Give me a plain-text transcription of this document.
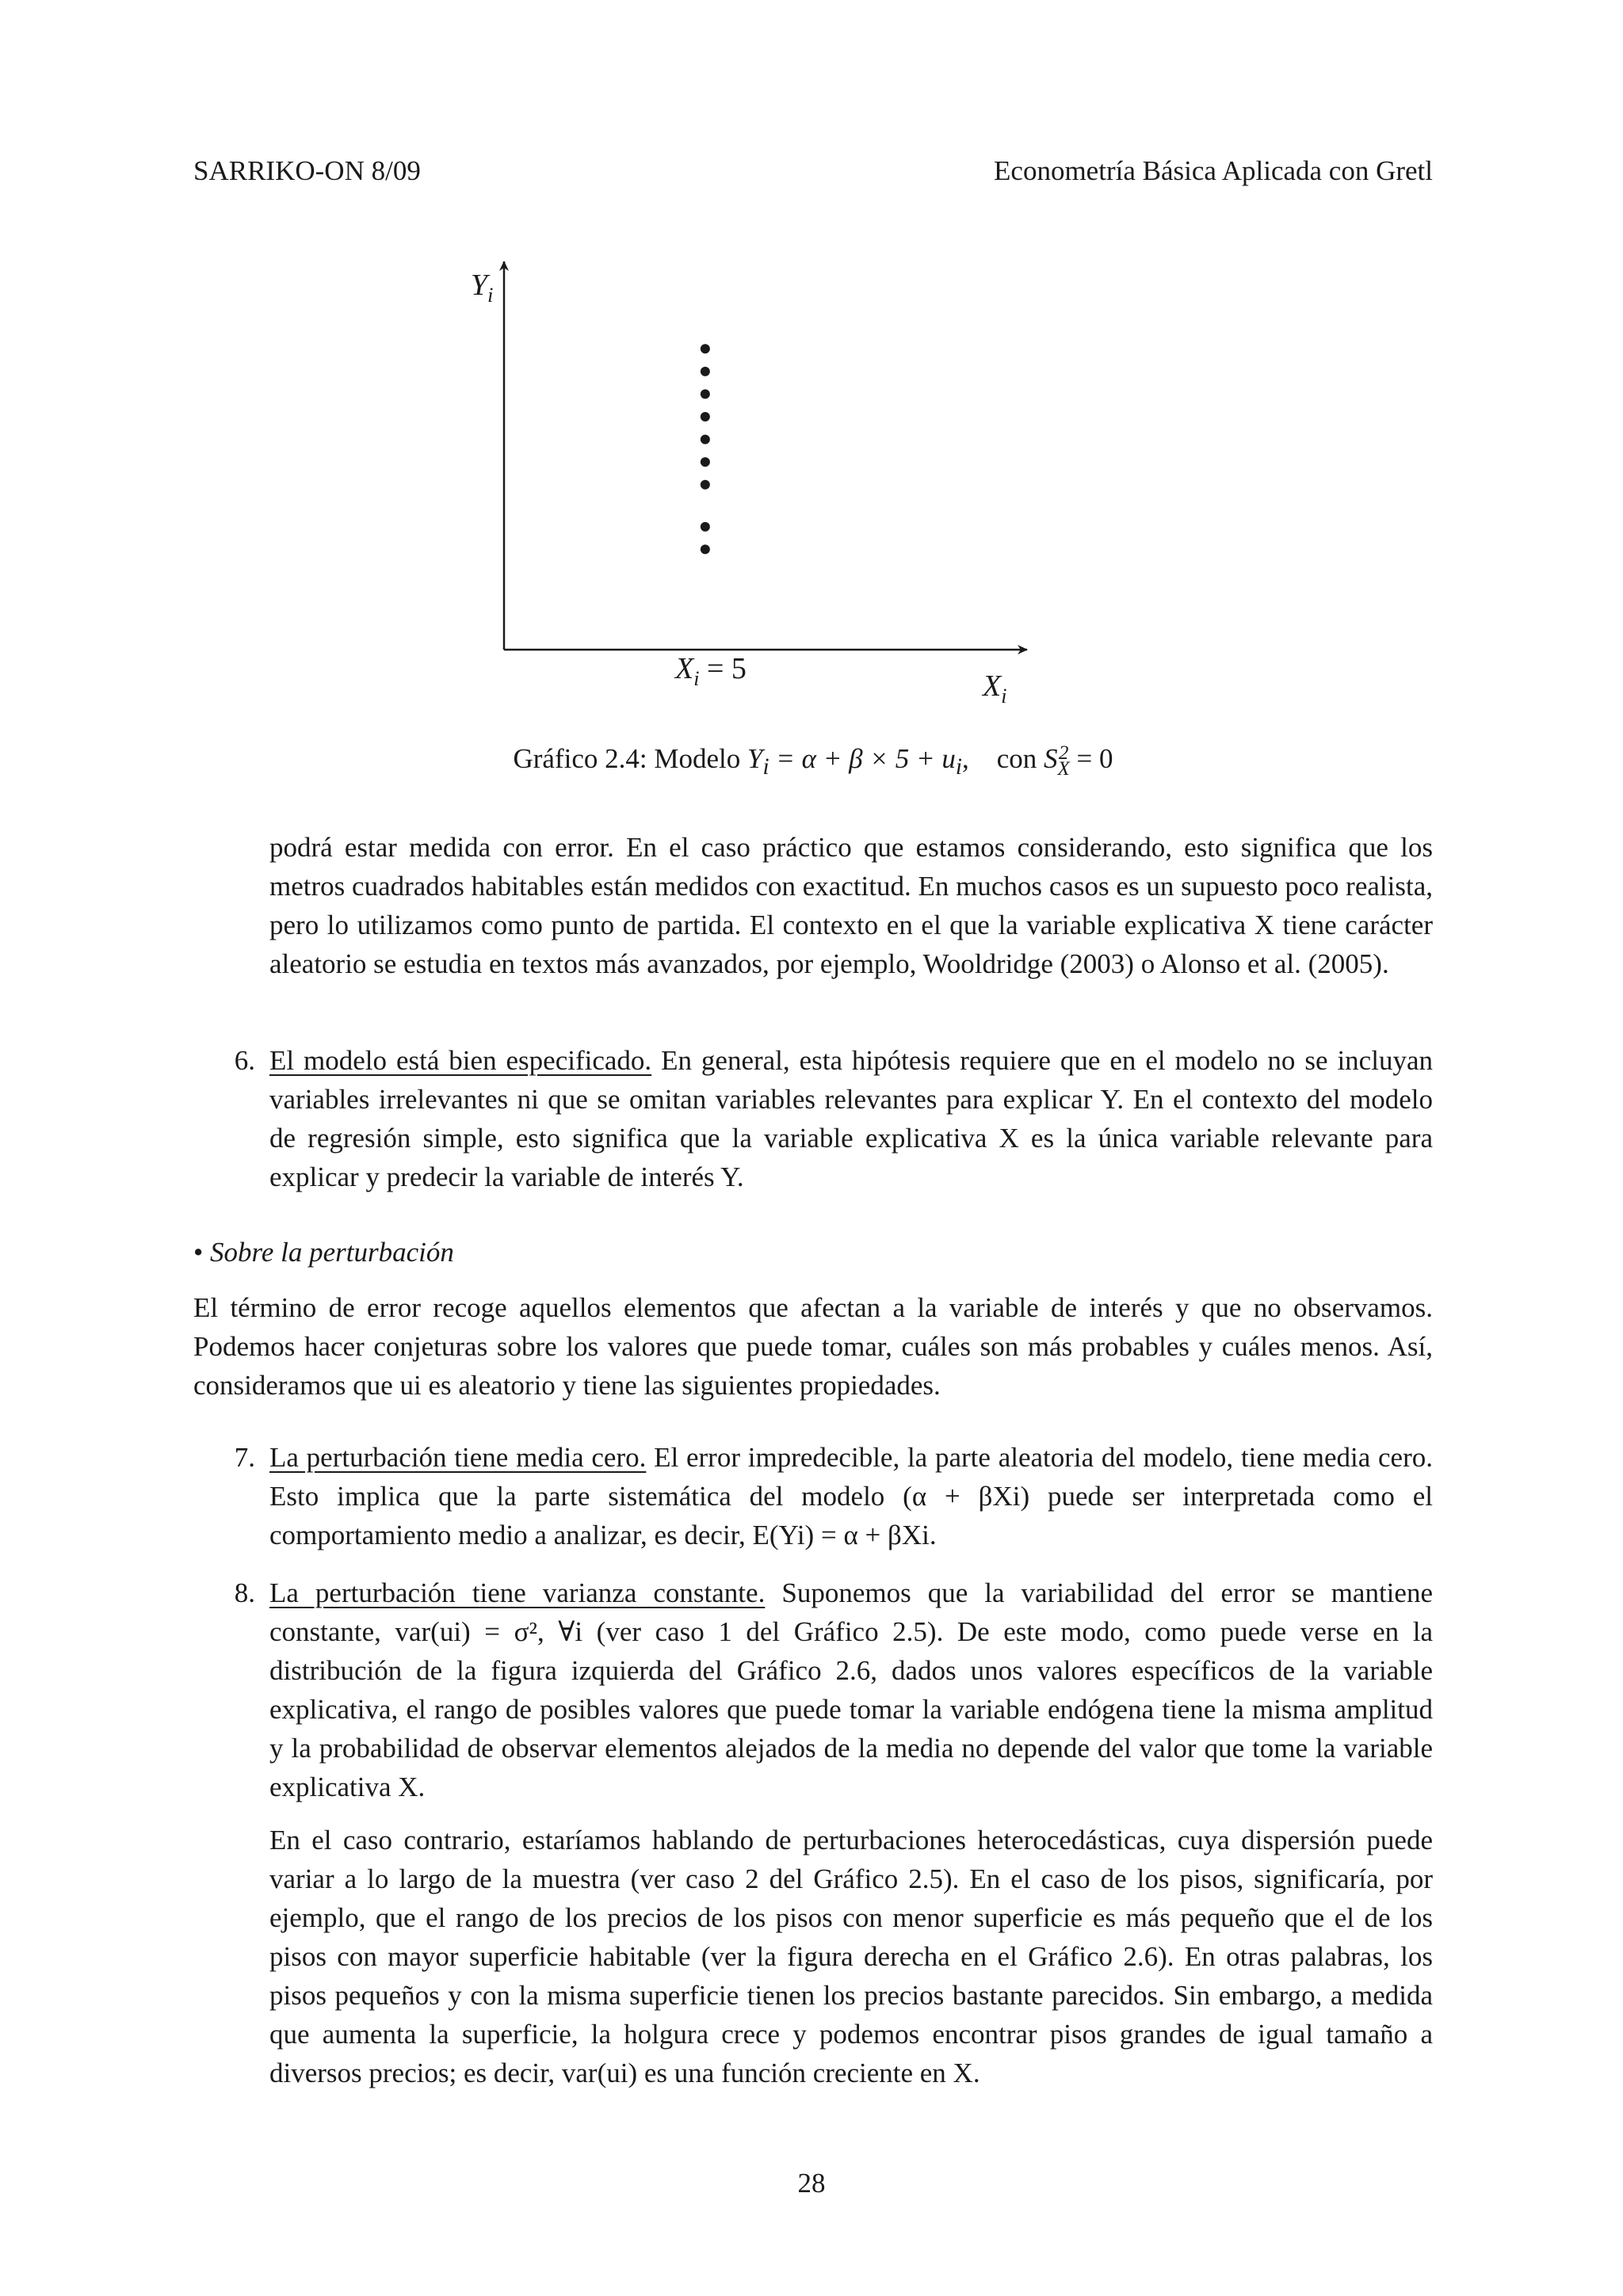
SARRIKO-ON 8/09	Econometría Básica Aplicada con Gretl
$Y_i$
$X_i$
$X_i = 5$
Gráfico 2.4: Modelo $Y_i = \alpha + \beta \times 5 + u_i$,    con S 2
X = 0

podrá estar medida con error. En el caso práctico que estamos considerando, esto significa que los metros cuadrados habitables están medidos con exactitud. En muchos casos es un supuesto poco realista, pero lo utilizamos como punto de partida. El contexto en el que la variable explicativa X tiene carácter aleatorio se estudia en textos más avanzados, por ejemplo, Wooldridge (2003) o Alonso et al. (2005).

6. El modelo está bien especificado. En general, esta hipótesis requiere que en el modelo no se incluyan variables irrelevantes ni que se omitan variables relevantes para explicar Y. En el contexto del modelo de regresión simple, esto significa que la variable explicativa X es la única variable relevante para explicar y predecir la variable de interés Y.

• Sobre la perturbación

El término de error recoge aquellos elementos que afectan a la variable de interés y que no observamos. Podemos hacer conjeturas sobre los valores que puede tomar, cuáles son más probables y cuáles menos. Así, consideramos que ui es aleatorio y tiene las siguientes propiedades.

7. La perturbación tiene media cero. El error impredecible, la parte aleatoria del modelo, tiene media cero. Esto implica que la parte sistemática del modelo (α + βXi) puede ser interpretada como el comportamiento medio a analizar, es decir, E(Yi) = α + βXi.

8. La perturbación tiene varianza constante. Suponemos que la variabilidad del error se mantiene constante, var(ui) = σ², ∀i (ver caso 1 del Gráfico 2.5). De este modo, como puede verse en la distribución de la figura izquierda del Gráfico 2.6, dados unos valores específicos de la variable explicativa, el rango de posibles valores que puede tomar la variable endógena tiene la misma amplitud y la probabilidad de observar elementos alejados de la media no depende del valor que tome la variable explicativa X.

En el caso contrario, estaríamos hablando de perturbaciones heterocedásticas, cuya dispersión puede variar a lo largo de la muestra (ver caso 2 del Gráfico 2.5). En el caso de los pisos, significaría, por ejemplo, que el rango de los precios de los pisos con menor superficie es más pequeño que el de los pisos con mayor superficie habitable (ver la figura derecha en el Gráfico 2.6). En otras palabras, los pisos pequeños y con la misma superficie tienen los precios bastante parecidos. Sin embargo, a medida que aumenta la superficie, la holgura crece y podemos encontrar pisos grandes de igual tamaño a diversos precios; es decir, var(ui) es una función creciente en X.

28
